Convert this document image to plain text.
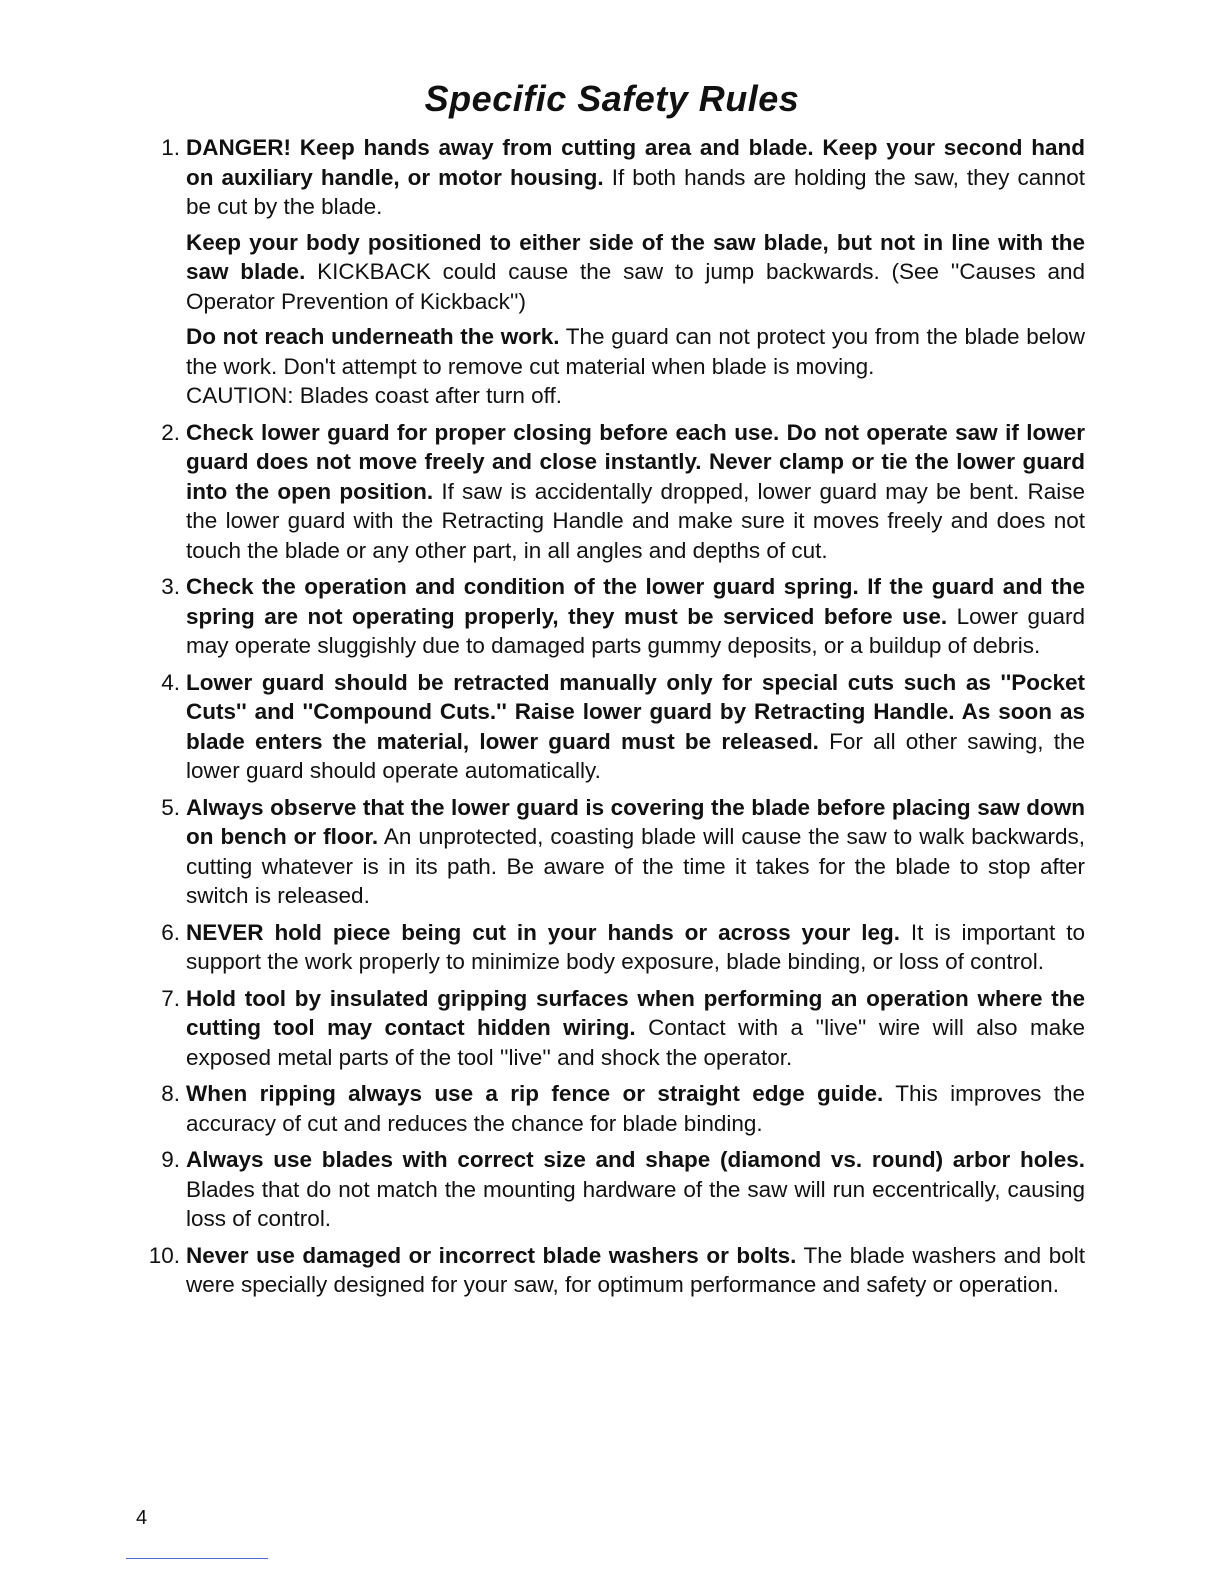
Specific Safety Rules
1. DANGER! Keep hands away from cutting area and blade. Keep your second hand on auxiliary handle, or motor housing. If both hands are holding the saw, they cannot be cut by the blade.

Keep your body positioned to either side of the saw blade, but not in line with the saw blade. KICKBACK could cause the saw to jump backwards. (See ''Causes and Operator Prevention of Kickback'')

Do not reach underneath the work. The guard can not protect you from the blade below the work. Don't attempt to remove cut material when blade is moving.

CAUTION: Blades coast after turn off.

2. Check lower guard for proper closing before each use. Do not operate saw if lower guard does not move freely and close instantly. Never clamp or tie the lower guard into the open position. If saw is accidentally dropped, lower guard may be bent. Raise the lower guard with the Retracting Handle and make sure it moves freely and does not touch the blade or any other part, in all angles and depths of cut.

3. Check the operation and condition of the lower guard spring. If the guard and the spring are not operating properly, they must be serviced before use. Lower guard may operate sluggishly due to damaged parts gummy deposits, or a buildup of debris.

4. Lower guard should be retracted manually only for special cuts such as ''Pocket Cuts'' and ''Compound Cuts.'' Raise lower guard by Retracting Handle. As soon as blade enters the material, lower guard must be released. For all other sawing, the lower guard should operate automatically.

5. Always observe that the lower guard is covering the blade before placing saw down on bench or floor. An unprotected, coasting blade will cause the saw to walk backwards, cutting whatever is in its path. Be aware of the time it takes for the blade to stop after switch is released.

6. NEVER hold piece being cut in your hands or across your leg. It is important to support the work properly to minimize body exposure, blade binding, or loss of control.

7. Hold tool by insulated gripping surfaces when performing an operation where the cutting tool may contact hidden wiring. Contact with a ''live'' wire will also make exposed metal parts of the tool ''live'' and shock the operator.

8. When ripping always use a rip fence or straight edge guide. This improves the accuracy of cut and reduces the chance for blade binding.

9. Always use blades with correct size and shape (diamond vs. round) arbor holes. Blades that do not match the mounting hardware of the saw will run eccentrically, causing loss of control.

10. Never use damaged or incorrect blade washers or bolts. The blade washers and bolt were specially designed for your saw, for optimum performance and safety or operation.

4
